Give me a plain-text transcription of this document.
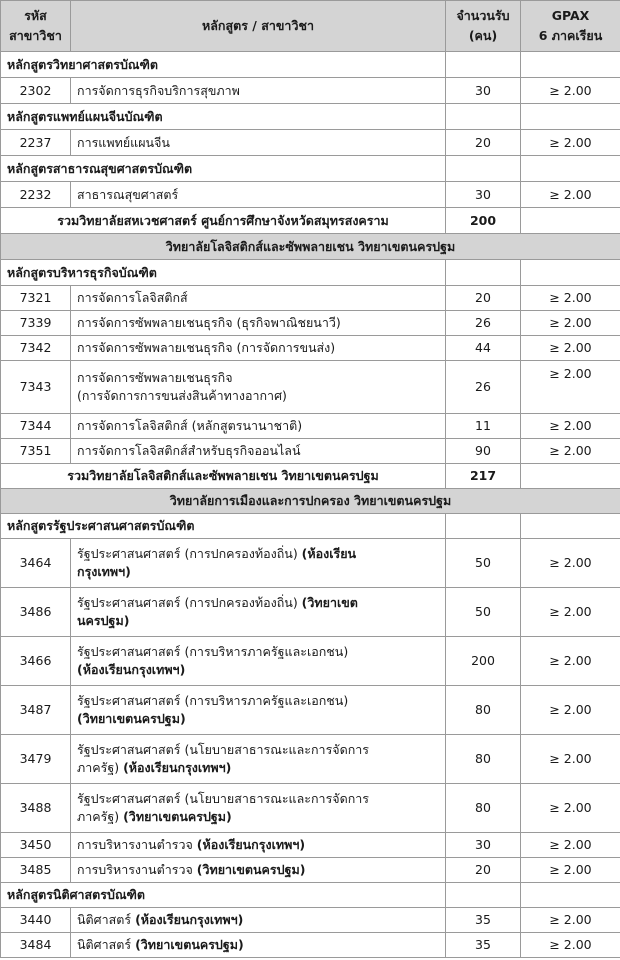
รหัส
สาขาวิชา	หลักสูตร / สาขาวิชา	จำนวนรับ
(คน)	GPAX
6 ภาคเรียน
หลักสูตรวิทยาศาสตรบัณฑิต			
2302	การจัดการธุรกิจบริการสุขภาพ	30	≥ 2.00
หลักสูตรแพทย์แผนจีนบัณฑิต			
2237	การแพทย์แผนจีน	20	≥ 2.00
หลักสูตรสาธารณสุขศาสตรบัณฑิต			
2232	สาธารณสุขศาสตร์	30	≥ 2.00
รวมวิทยาลัยสหเวชศาสตร์ ศูนย์การศึกษาจังหวัดสมุทรสงคราม		200	
วิทยาลัยโลจิสติกส์และซัพพลายเชน วิทยาเขตนครปฐม			
หลักสูตรบริหารธุรกิจบัณฑิต			
7321	การจัดการโลจิสติกส์	20	≥ 2.00
7339	การจัดการซัพพลายเชนธุรกิจ (ธุรกิจพาณิชยนาวี)	26	≥ 2.00
7342	การจัดการซัพพลายเชนธุรกิจ (การจัดการขนส่ง)	44	≥ 2.00
7343	การจัดการซัพพลายเชนธุรกิจ
(การจัดการการขนส่งสินค้าทางอากาศ)	26	≥ 2.00
7344	การจัดการโลจิสติกส์ (หลักสูตรนานาชาติ)	11	≥ 2.00
7351	การจัดการโลจิสติกส์สำหรับธุรกิจออนไลน์	90	≥ 2.00
รวมวิทยาลัยโลจิสติกส์และซัพพลายเชน วิทยาเขตนครปฐม		217	
วิทยาลัยการเมืองและการปกครอง วิทยาเขตนครปฐม			
หลักสูตรรัฐประศาสนศาสตรบัณฑิต			
3464	รัฐประศาสนศาสตร์ (การปกครองท้องถิ่น) (ห้องเรียน
กรุงเทพฯ)	50	≥ 2.00
3486	รัฐประศาสนศาสตร์ (การปกครองท้องถิ่น) (วิทยาเขต
นครปฐม)	50	≥ 2.00
3466	รัฐประศาสนศาสตร์ (การบริหารภาครัฐและเอกชน)
(ห้องเรียนกรุงเทพฯ)	200	≥ 2.00
3487	รัฐประศาสนศาสตร์ (การบริหารภาครัฐและเอกชน)
(วิทยาเขตนครปฐม)	80	≥ 2.00
3479	รัฐประศาสนศาสตร์ (นโยบายสาธารณะและการจัดการ
ภาครัฐ) (ห้องเรียนกรุงเทพฯ)	80	≥ 2.00
3488	รัฐประศาสนศาสตร์ (นโยบายสาธารณะและการจัดการ
ภาครัฐ) (วิทยาเขตนครปฐม)	80	≥ 2.00
3450	การบริหารงานตำรวจ (ห้องเรียนกรุงเทพฯ)	30	≥ 2.00
3485	การบริหารงานตำรวจ (วิทยาเขตนครปฐม)	20	≥ 2.00
หลักสูตรนิติศาสตรบัณฑิต			
3440	นิติศาสตร์ (ห้องเรียนกรุงเทพฯ)	35	≥ 2.00
3484	นิติศาสตร์ (วิทยาเขตนครปฐม)	35	≥ 2.00
